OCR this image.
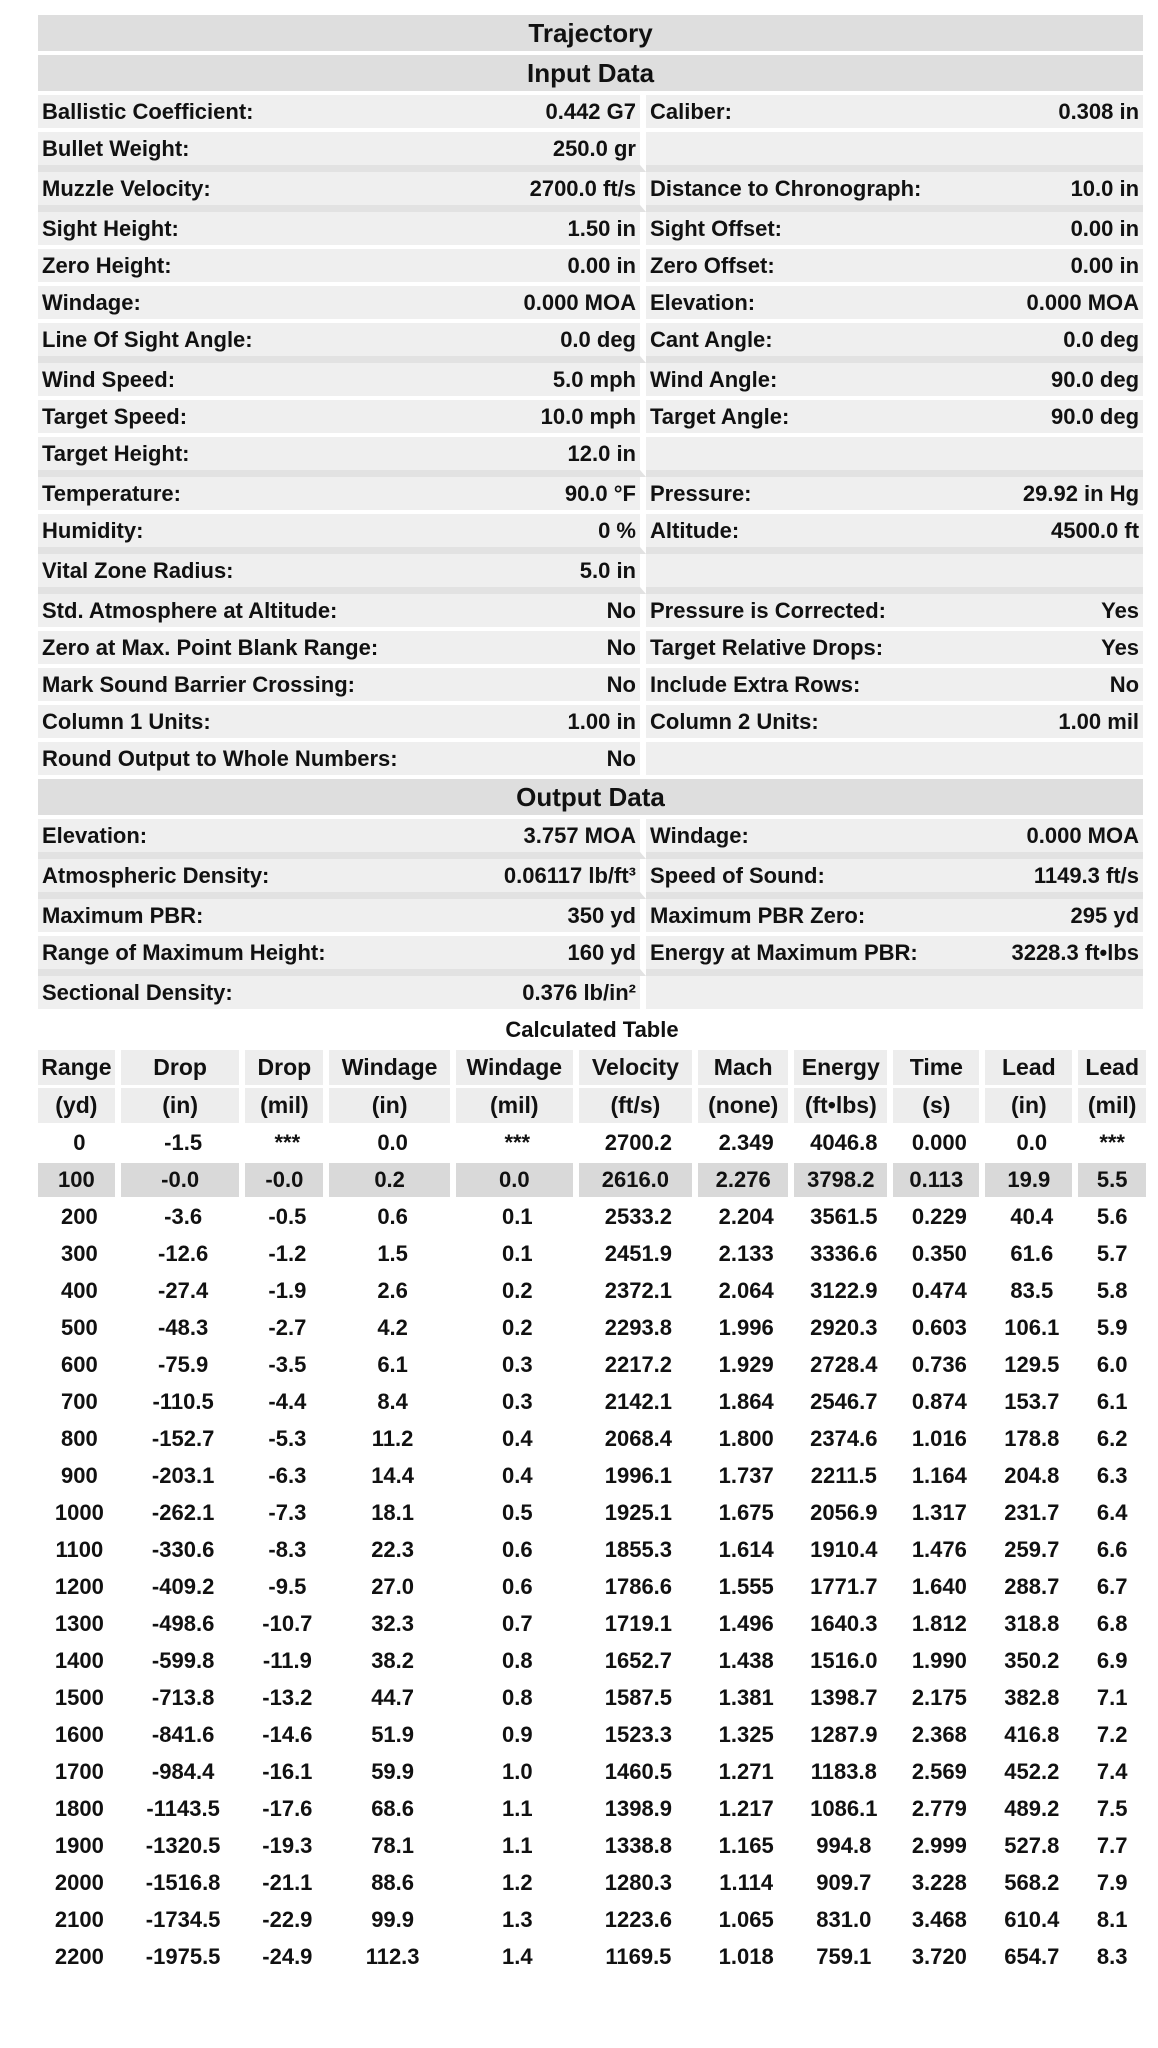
Trajectory			
Input Data			
Ballistic Coefficient:	0.442 G7	Caliber:	0.308 in
Bullet Weight:	250.0 gr		
Muzzle Velocity:	2700.0 ft/s	Distance to Chronograph:	10.0 in
Sight Height:	1.50 in	Sight Offset:	0.00 in
Zero Height:	0.00 in	Zero Offset:	0.00 in
Windage:	0.000 MOA	Elevation:	0.000 MOA
Line Of Sight Angle:	0.0 deg	Cant Angle:	0.0 deg
Wind Speed:	5.0 mph	Wind Angle:	90.0 deg
Target Speed:	10.0 mph	Target Angle:	90.0 deg
Target Height:	12.0 in		
Temperature:	90.0 °F	Pressure:	29.92 in Hg
Humidity:	0 %	Altitude:	4500.0 ft
Vital Zone Radius:	5.0 in		
Std. Atmosphere at Altitude:	No	Pressure is Corrected:	Yes
Zero at Max. Point Blank Range:	No	Target Relative Drops:	Yes
Mark Sound Barrier Crossing:	No	Include Extra Rows:	No
Column 1 Units:	1.00 in	Column 2 Units:	1.00 mil
Round Output to Whole Numbers:	No		
Output Data			
Elevation:	3.757 MOA	Windage:	0.000 MOA
Atmospheric Density:	0.06117 lb/ft³	Speed of Sound:	1149.3 ft/s
Maximum PBR:	350 yd	Maximum PBR Zero:	295 yd
Range of Maximum Height:	160 yd	Energy at Maximum PBR:	3228.3 ft•lbs
Sectional Density:	0.376 lb/in²		
Calculated Table										
Range	Drop	Drop	Windage	Windage	Velocity	Mach	Energy	Time	Lead	Lead
(yd)	(in)	(mil)	(in)	(mil)	(ft/s)	(none)	(ft•lbs)	(s)	(in)	(mil)
0	-1.5	***	0.0	***	2700.2	2.349	4046.8	0.000	0.0	***
100	-0.0	-0.0	0.2	0.0	2616.0	2.276	3798.2	0.113	19.9	5.5
200	-3.6	-0.5	0.6	0.1	2533.2	2.204	3561.5	0.229	40.4	5.6
300	-12.6	-1.2	1.5	0.1	2451.9	2.133	3336.6	0.350	61.6	5.7
400	-27.4	-1.9	2.6	0.2	2372.1	2.064	3122.9	0.474	83.5	5.8
500	-48.3	-2.7	4.2	0.2	2293.8	1.996	2920.3	0.603	106.1	5.9
600	-75.9	-3.5	6.1	0.3	2217.2	1.929	2728.4	0.736	129.5	6.0
700	-110.5	-4.4	8.4	0.3	2142.1	1.864	2546.7	0.874	153.7	6.1
800	-152.7	-5.3	11.2	0.4	2068.4	1.800	2374.6	1.016	178.8	6.2
900	-203.1	-6.3	14.4	0.4	1996.1	1.737	2211.5	1.164	204.8	6.3
1000	-262.1	-7.3	18.1	0.5	1925.1	1.675	2056.9	1.317	231.7	6.4
1100	-330.6	-8.3	22.3	0.6	1855.3	1.614	1910.4	1.476	259.7	6.6
1200	-409.2	-9.5	27.0	0.6	1786.6	1.555	1771.7	1.640	288.7	6.7
1300	-498.6	-10.7	32.3	0.7	1719.1	1.496	1640.3	1.812	318.8	6.8
1400	-599.8	-11.9	38.2	0.8	1652.7	1.438	1516.0	1.990	350.2	6.9
1500	-713.8	-13.2	44.7	0.8	1587.5	1.381	1398.7	2.175	382.8	7.1
1600	-841.6	-14.6	51.9	0.9	1523.3	1.325	1287.9	2.368	416.8	7.2
1700	-984.4	-16.1	59.9	1.0	1460.5	1.271	1183.8	2.569	452.2	7.4
1800	-1143.5	-17.6	68.6	1.1	1398.9	1.217	1086.1	2.779	489.2	7.5
1900	-1320.5	-19.3	78.1	1.1	1338.8	1.165	994.8	2.999	527.8	7.7
2000	-1516.8	-21.1	88.6	1.2	1280.3	1.114	909.7	3.228	568.2	7.9
2100	-1734.5	-22.9	99.9	1.3	1223.6	1.065	831.0	3.468	610.4	8.1
2200	-1975.5	-24.9	112.3	1.4	1169.5	1.018	759.1	3.720	654.7	8.3
